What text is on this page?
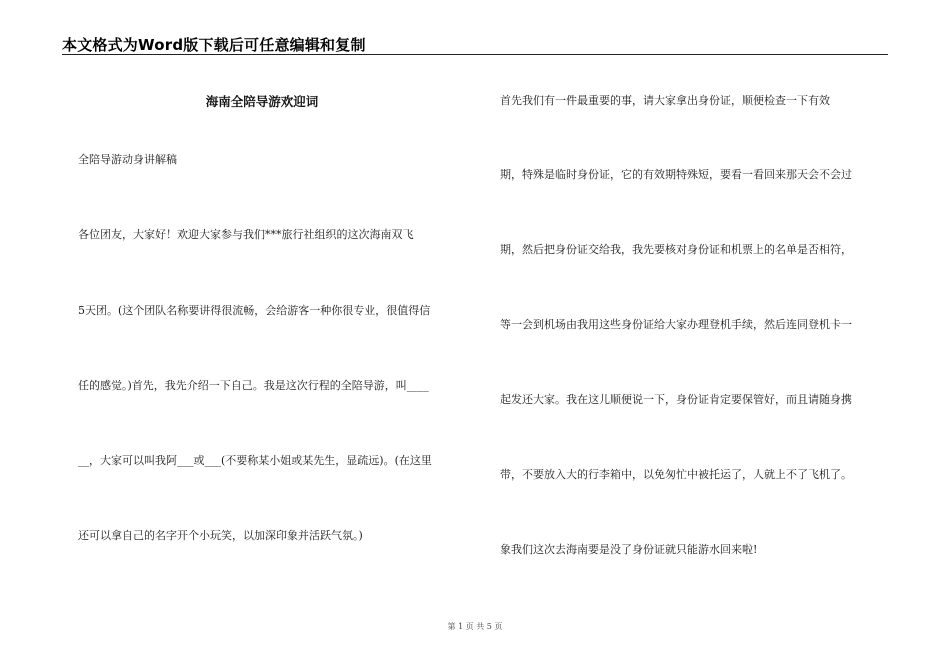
本文格式为Word版下载后可任意编辑和复制
海南全陪导游欢迎词
全陪导游动身讲解稿
各位团友，大家好！欢迎大家参与我们***旅行社组织的这次海南双飞
5天团。(这个团队名称要讲得很流畅，会给游客一种你很专业，很值得信
任的感觉。)首先，我先介绍一下自己。我是这次行程的全陪导游，叫____
__，大家可以叫我阿___或___(不要称某小姐或某先生，显疏远)。(在这里
还可以拿自己的名字开个小玩笑，以加深印象并活跃气氛。)
首先我们有一件最重要的事，请大家拿出身份证，顺便检查一下有效
期，特殊是临时身份证，它的有效期特殊短，要看一看回来那天会不会过
期，然后把身份证交给我，我先要核对身份证和机票上的名单是否相符，
等一会到机场由我用这些身份证给大家办理登机手续，然后连同登机卡一
起发还大家。我在这儿顺便说一下，身份证肯定要保管好，而且请随身携
带，不要放入大的行李箱中，以免匆忙中被托运了，人就上不了飞机了。
象我们这次去海南要是没了身份证就只能游水回来啦!
第 1 页 共 5 页
